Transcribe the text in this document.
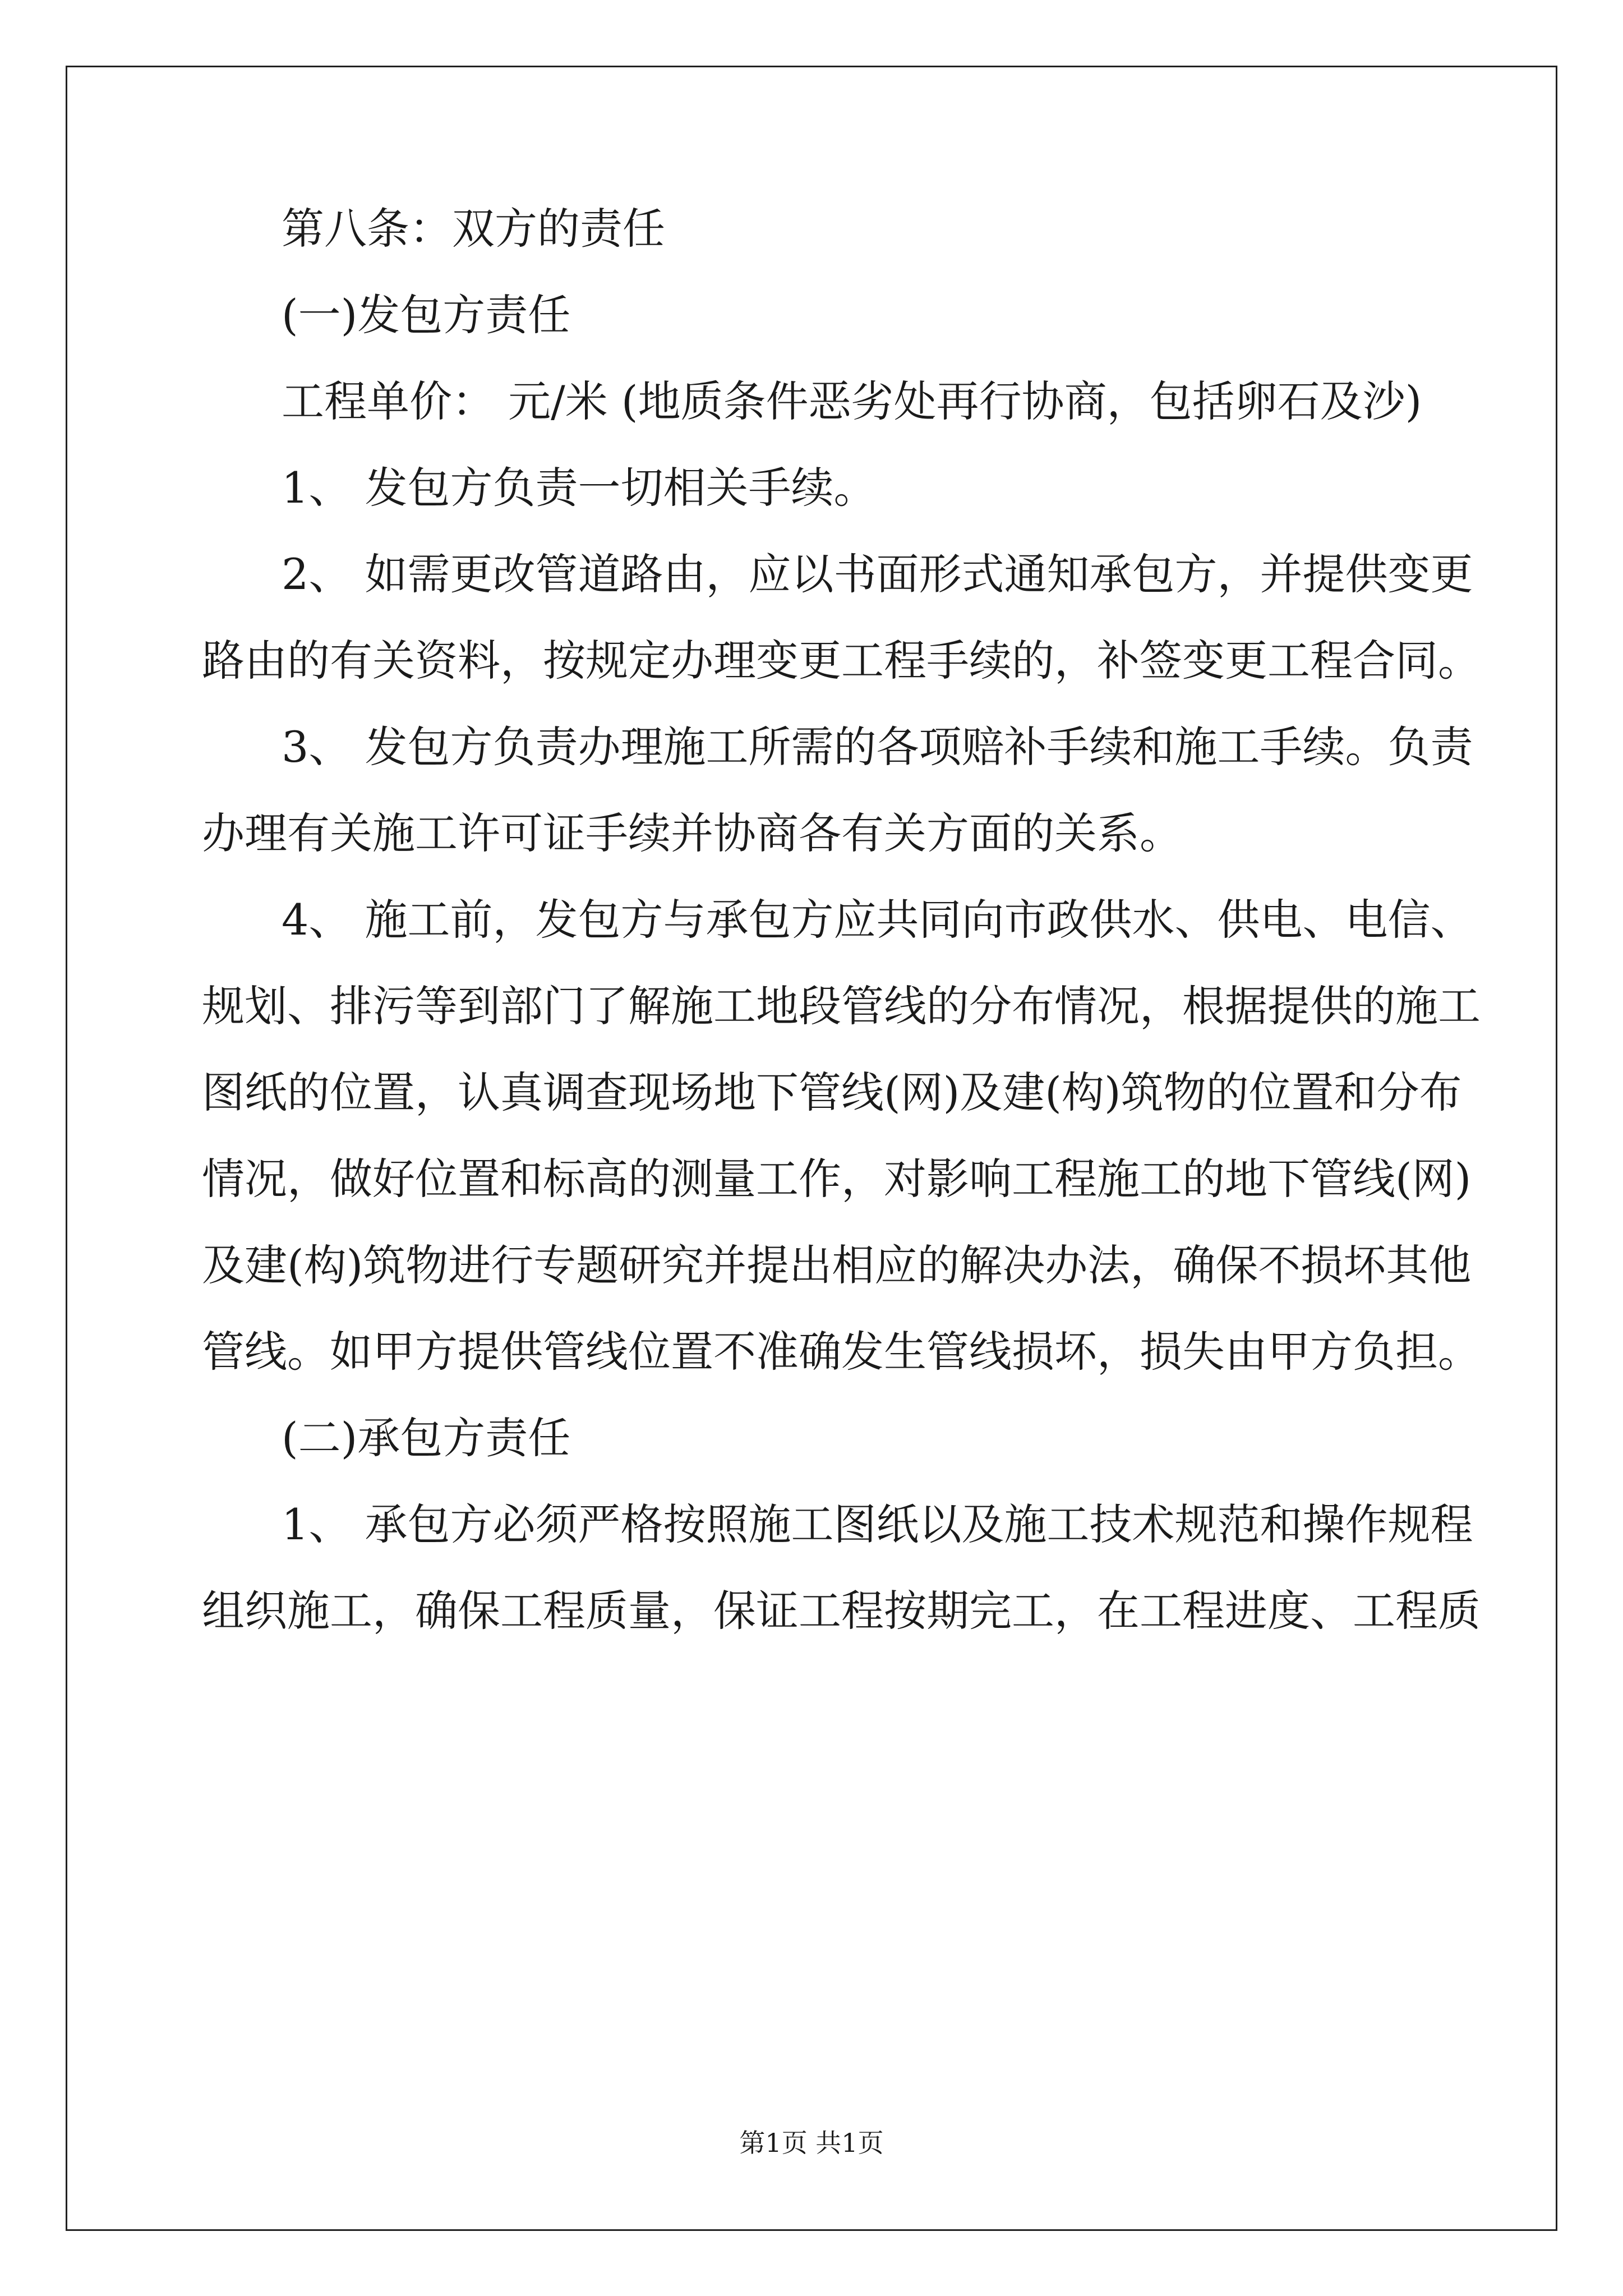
第八条：双方的责任
(一)发包方责任
工程单价： 元/米 (地质条件恶劣处再行协商，包括卵石及沙)
1、 发包方负责一切相关手续。
2、 如需更改管道路由，应以书面形式通知承包方，并提供变更
路由的有关资料，按规定办理变更工程手续的，补签变更工程合同。
3、 发包方负责办理施工所需的各项赔补手续和施工手续。负责
办理有关施工许可证手续并协商各有关方面的关系。
4、 施工前，发包方与承包方应共同向市政供水、供电、电信、
规划、排污等到部门了解施工地段管线的分布情况，根据提供的施工
图纸的位置，认真调查现场地下管线(网)及建(构)筑物的位置和分布
情况，做好位置和标高的测量工作，对影响工程施工的地下管线(网)
及建(构)筑物进行专题研究并提出相应的解决办法，确保不损坏其他
管线。如甲方提供管线位置不准确发生管线损坏，损失由甲方负担。
(二)承包方责任
1、 承包方必须严格按照施工图纸以及施工技术规范和操作规程
组织施工，确保工程质量，保证工程按期完工，在工程进度、工程质
第1页 共1页
